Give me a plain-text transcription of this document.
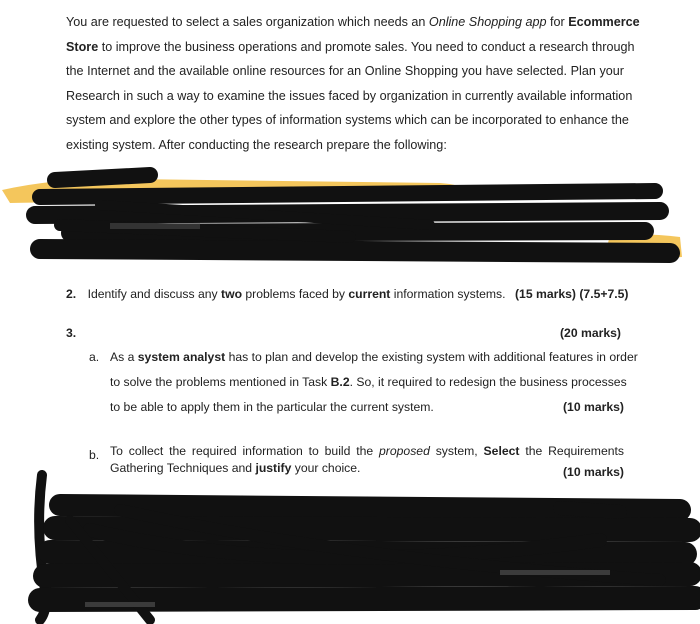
You are requested to select a sales organization which needs an Online Shopping app for Ecommerce
Store to improve the business operations and promote sales. You need to conduct a research through
the Internet and the available online resources for an Online Shopping you have selected. Plan your
Research in such a way to examine the issues faced by organization in currently available information
system and explore the other types of information systems which can be incorporated to enhance the
existing system. After conducting the research prepare the following:
2. Identify and discuss any two problems faced by current information systems. (15 marks) (7.5+7.5)
3.	(20 marks)
a. As a system analyst has to plan and develop the existing system with additional features in order
to solve the problems mentioned in Task B.2. So, it required to redesign the business processes
to be able to apply them in the particular the current system.	(10 marks)
b. To collect the required information to build the proposed system, Select the Requirements
Gathering Techniques and justify your choice.	(10 marks)
